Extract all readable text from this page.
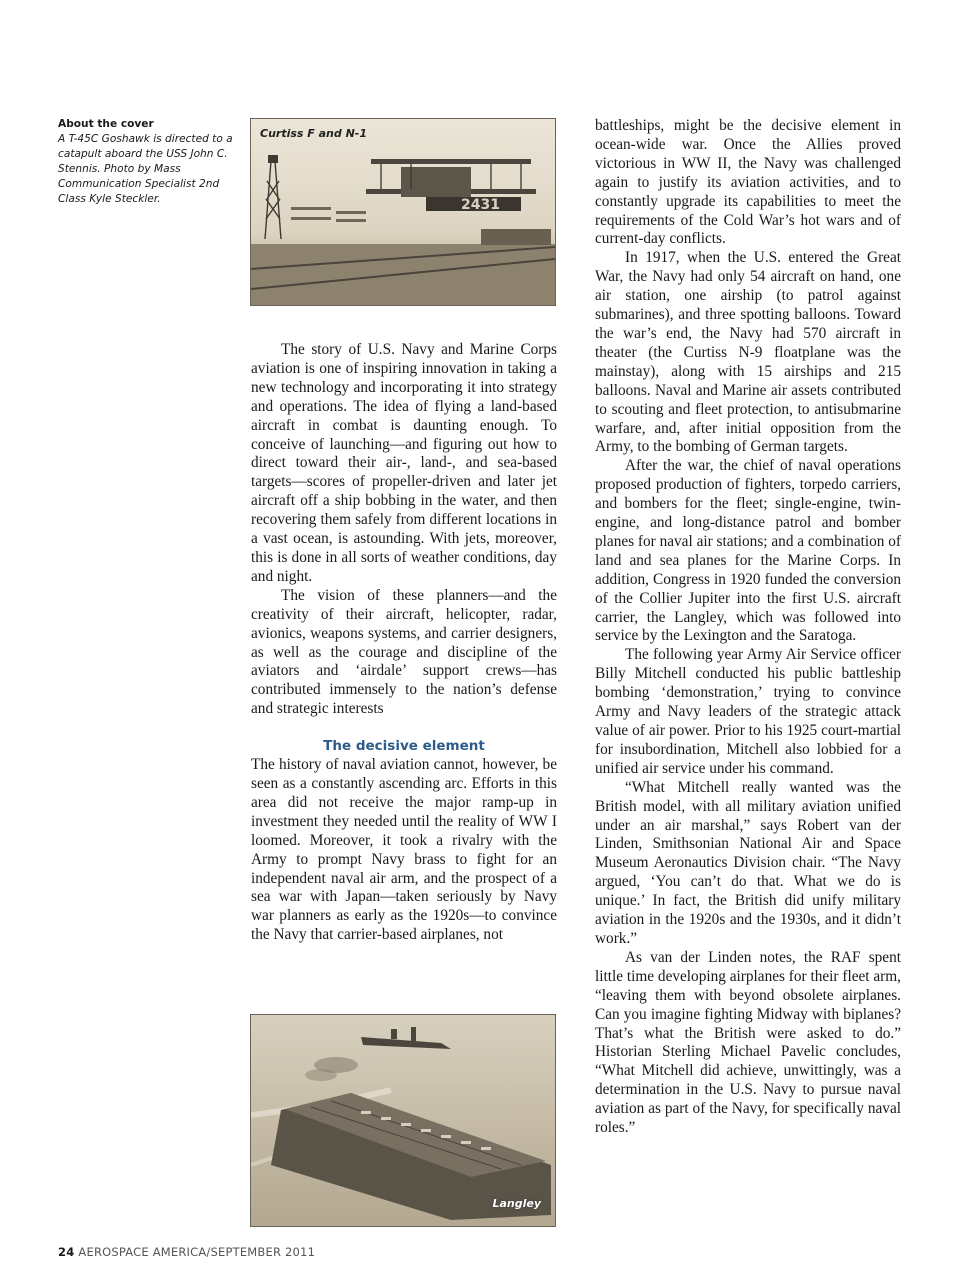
About the cover
A T-45C Goshawk is directed to a catapult aboard the USS John C. Stennis. Photo by Mass Communication Specialist 2nd Class Kyle Steckler.	2431
Curtiss F and N-1

The story of U.S. Navy and Marine Corps aviation is one of inspiring innovation in taking a new technology and incorporating it into strategy and operations. The idea of flying a land-based aircraft in combat is daunting enough. To conceive of launching—and figuring out how to direct toward their air-, land-, and sea-based targets—scores of propeller-driven and later jet aircraft off a ship bobbing in the water, and then recovering them safely from different locations in a vast ocean, is astounding. With jets, moreover, this is done in all sorts of weather conditions, day and night.

The vision of these planners—and the creativity of their aircraft, helicopter, radar, avionics, weapons systems, and carrier designers, as well as the courage and discipline of the aviators and ‘airdale’ support crews—has contributed immensely to the nation’s defense and strategic interests

The decisive element

The history of naval aviation cannot, however, be seen as a constantly ascending arc. Efforts in this area did not receive the major ramp-up in investment they needed until the reality of WW I loomed. Moreover, it took a rivalry with the Army to prompt Navy brass to fight for an independent naval air arm, and the prospect of a sea war with Japan—taken seriously by Navy war planners as early as the 1920s—to convince the Navy that carrier-based airplanes, not

Langley

battleships, might be the decisive element in ocean-wide war. Once the Allies proved victorious in WW II, the Navy was challenged again to justify its aviation activities, and to constantly upgrade its capabilities to meet the requirements of the Cold War’s hot wars and of current-day conflicts.

In 1917, when the U.S. entered the Great War, the Navy had only 54 aircraft on hand, one air station, one airship (to patrol against submarines), and three spotting balloons. Toward the war’s end, the Navy had 570 aircraft in theater (the Curtiss N-9 floatplane was the mainstay), along with 15 airships and 215 balloons. Naval and Marine air assets contributed to scouting and fleet protection, to antisubmarine warfare, and, after initial opposition from the Army, to the bombing of German targets.

After the war, the chief of naval operations proposed production of fighters, torpedo carriers, and bombers for the fleet; single-engine, twin-engine, and long-distance patrol and bomber planes for naval air stations; and a combination of land and sea planes for the Marine Corps. In addition, Congress in 1920 funded the conversion of the Collier Jupiter into the first U.S. aircraft carrier, the Langley, which was followed into service by the Lexington and the Saratoga.

The following year Army Air Service officer Billy Mitchell conducted his public battleship bombing ‘demonstration,’ trying to convince Army and Navy leaders of the strategic attack value of air power. Prior to his 1925 court-martial for insubordination, Mitchell also lobbied for a unified air service under his command.

“What Mitchell really wanted was the British model, with all military aviation unified under an air marshal,” says Robert van der Linden, Smithsonian National Air and Space Museum Aeronautics Division chair. “The Navy argued, ‘You can’t do that. What we do is unique.’ In fact, the British did unify military aviation in the 1920s and the 1930s, and it didn’t work.”

As van der Linden notes, the RAF spent little time developing airplanes for their fleet arm, “leaving them with beyond obsolete airplanes. Can you imagine fighting Midway with biplanes? That’s what the British were asked to do.” Historian Sterling Michael Pavelic concludes, “What Mitchell did achieve, unwittingly, was a determination in the U.S. Navy to pursue naval aviation as part of the Navy, for specifically naval roles.”

24 AEROSPACE AMERICA/SEPTEMBER 2011
